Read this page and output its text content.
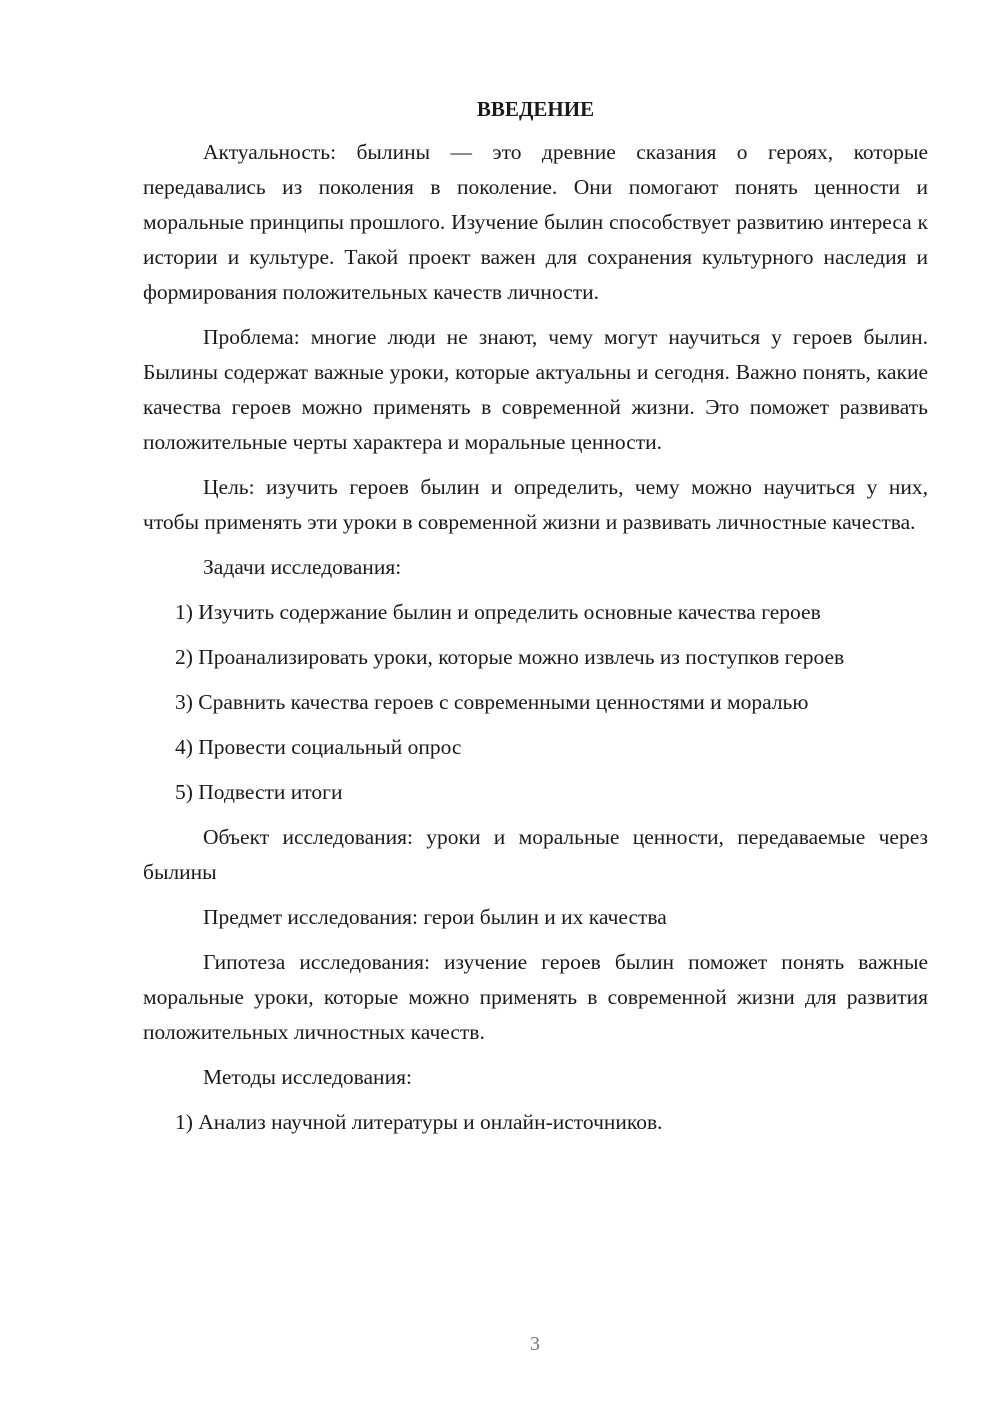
ВВЕДЕНИЕ

Актуальность: былины — это древние сказания о героях, которые передавались из поколения в поколение. Они помогают понять ценности и моральные принципы прошлого. Изучение былин способствует развитию интереса к истории и культуре. Такой проект важен для сохранения культурного наследия и формирования положительных качеств личности.

Проблема: многие люди не знают, чему могут научиться у героев былин. Былины содержат важные уроки, которые актуальны и сегодня. Важно понять, какие качества героев можно применять в современной жизни. Это поможет развивать положительные черты характера и моральные ценности.

Цель: изучить героев былин и определить, чему можно научиться у них, чтобы применять эти уроки в современной жизни и развивать личностные качества.

Задачи исследования:

1) Изучить содержание былин и определить основные качества героев

2) Проанализировать уроки, которые можно извлечь из поступков героев

3) Сравнить качества героев с современными ценностями и моралью

4) Провести социальный опрос

5) Подвести итоги

Объект исследования: уроки и моральные ценности, передаваемые через былины

Предмет исследования: герои былин и их качества

Гипотеза исследования: изучение героев былин поможет понять важные моральные уроки, которые можно применять в современной жизни для развития положительных личностных качеств.

Методы исследования:

1) Анализ научной литературы и онлайн-источников.

3
